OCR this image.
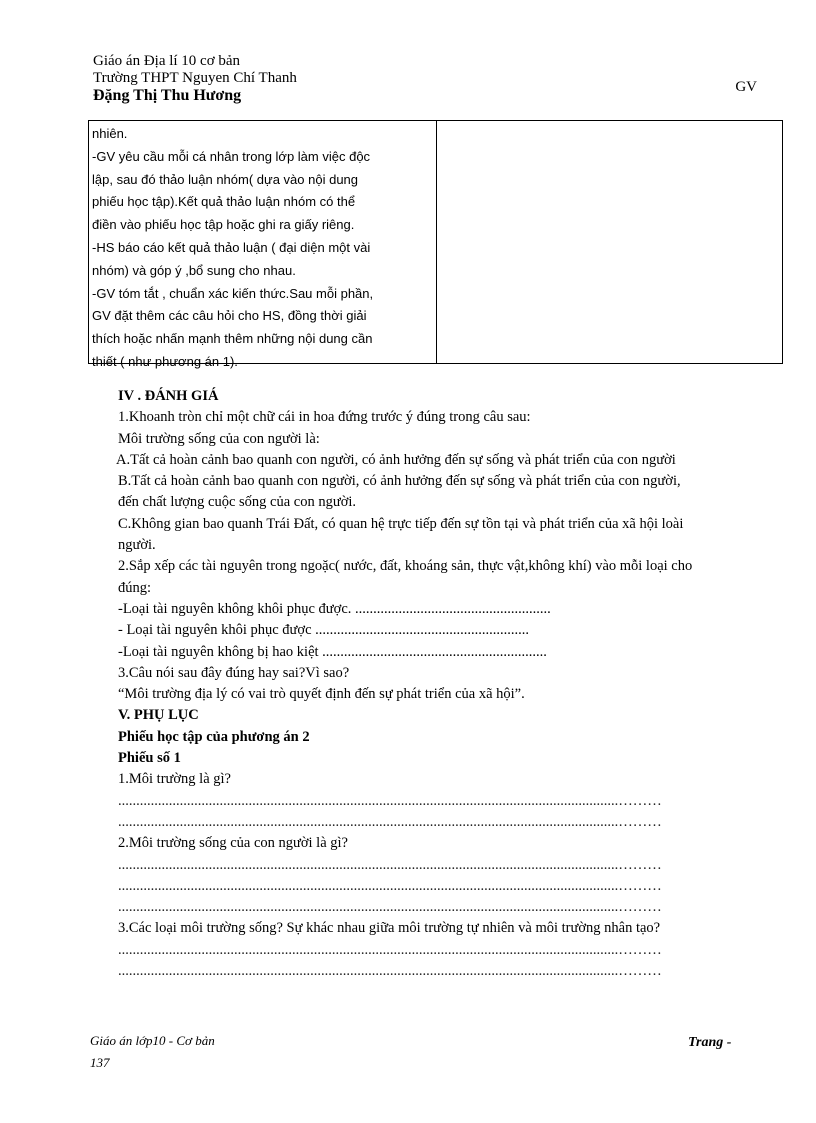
Giáo án Địa lí 10 cơ bản
Trường THPT Nguyen Chí Thanh
GV
Đặng Thị Thu Hương
nhiên.
-GV yêu cầu mỗi cá nhân trong lớp làm việc độc
lập, sau đó thảo luận nhóm( dựa vào nội dung
phiếu học tập).Kết quả thảo luận nhóm có thể
điền vào phiếu học tập hoặc ghi ra giấy riêng.
-HS báo cáo kết quả thảo luận ( đại diện một vài
nhóm) và góp ý ,bổ sung cho nhau.
-GV tóm tắt , chuẩn xác kiến thức.Sau mỗi phần,
GV đặt thêm các câu hỏi cho HS, đồng thời giải
thích hoặc nhấn mạnh thêm những nội dung cần
thiết ( như phương án 1).
IV . ĐÁNH GIÁ
1.Khoanh tròn chỉ một chữ cái in hoa đứng trước ý đúng trong câu sau:
Môi trường sống của con người là:
A.Tất cả hoàn cảnh bao quanh con người, có ảnh hưởng đến sự sống và phát triển của con người
B.Tất cả hoàn cảnh bao quanh con người, có ảnh hưởng đến sự sống và phát triển của con người,
đến chất lượng cuộc sống của con người.
C.Không gian bao quanh Trái Đất, có quan hệ trực tiếp đến sự tồn tại và phát triển của xã hội loài
người.
2.Sắp xếp các tài nguyên trong ngoặc( nước, đất, khoáng sản, thực vật,không khí) vào mỗi loại cho
đúng:
-Loại tài nguyên không khôi phục được. ......................................................
- Loại tài nguyên khôi phục được ...........................................................
-Loại tài nguyên không bị hao kiệt ..............................................................
3.Câu nói sau đây đúng hay sai?Vì sao?
“Môi trường địa lý có vai trò quyết định đến sự phát triển của xã hội”.
V. PHỤ LỤC
Phiếu học tập của phương án 2
Phiếu số 1
1.Môi trường là gì?
..........................................................................................................................................………
..........................................................................................................................................………
2.Môi trường sống của con người là gì?
..........................................................................................................................................………
..........................................................................................................................................………
..........................................................................................................................................………
3.Các loại môi trường sống? Sự khác nhau giữa môi trường tự nhiên và môi trường nhân tạo?
..........................................................................................................................................………
..........................................................................................................................................………
Giáo án lớp10 - Cơ bản
137
Trang -
